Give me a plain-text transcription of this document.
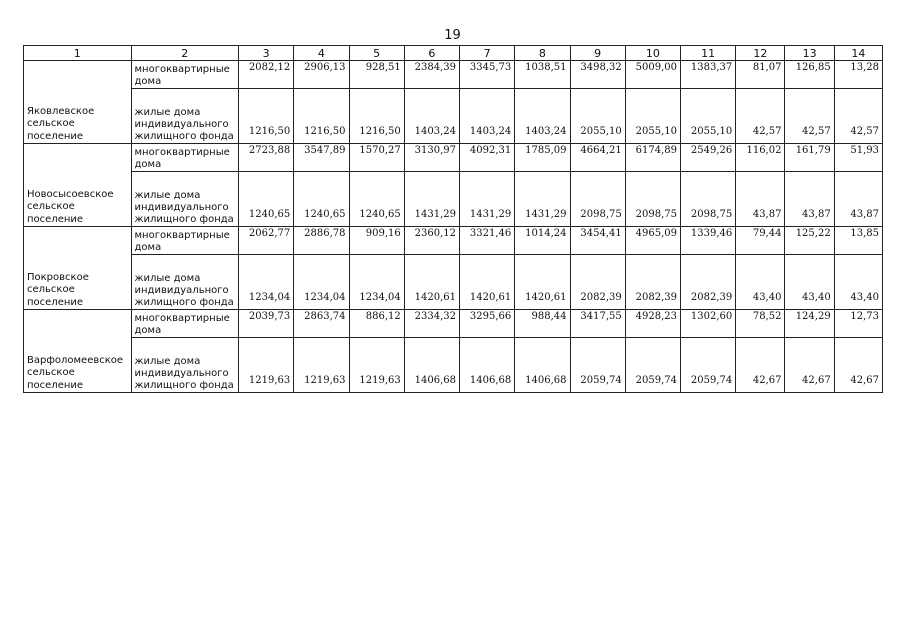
19
1	2	3	4	5	6	7	8	9	10	11	12	13	14
Яковлевское сельское поселение	многоквартирные дома	2082,12	2906,13	928,51	2384,39	3345,73	1038,51	3498,32	5009,00	1383,37	81,07	126,85	13,28
	жилые дома индивидуального жилищного фонда	1216,50	1216,50	1216,50	1403,24	1403,24	1403,24	2055,10	2055,10	2055,10	42,57	42,57	42,57
Новосысоевское сельское поселение	многоквартирные дома	2723,88	3547,89	1570,27	3130,97	4092,31	1785,09	4664,21	6174,89	2549,26	116,02	161,79	51,93
	жилые дома индивидуального жилищного фонда	1240,65	1240,65	1240,65	1431,29	1431,29	1431,29	2098,75	2098,75	2098,75	43,87	43,87	43,87
Покровское сельское поселение	многоквартирные дома	2062,77	2886,78	909,16	2360,12	3321,46	1014,24	3454,41	4965,09	1339,46	79,44	125,22	13,85
	жилые дома индивидуального жилищного фонда	1234,04	1234,04	1234,04	1420,61	1420,61	1420,61	2082,39	2082,39	2082,39	43,40	43,40	43,40
Варфоломеевское сельское поселение	многоквартирные дома	2039,73	2863,74	886,12	2334,32	3295,66	988,44	3417,55	4928,23	1302,60	78,52	124,29	12,73
	жилые дома индивидуального жилищного фонда	1219,63	1219,63	1219,63	1406,68	1406,68	1406,68	2059,74	2059,74	2059,74	42,67	42,67	42,67
